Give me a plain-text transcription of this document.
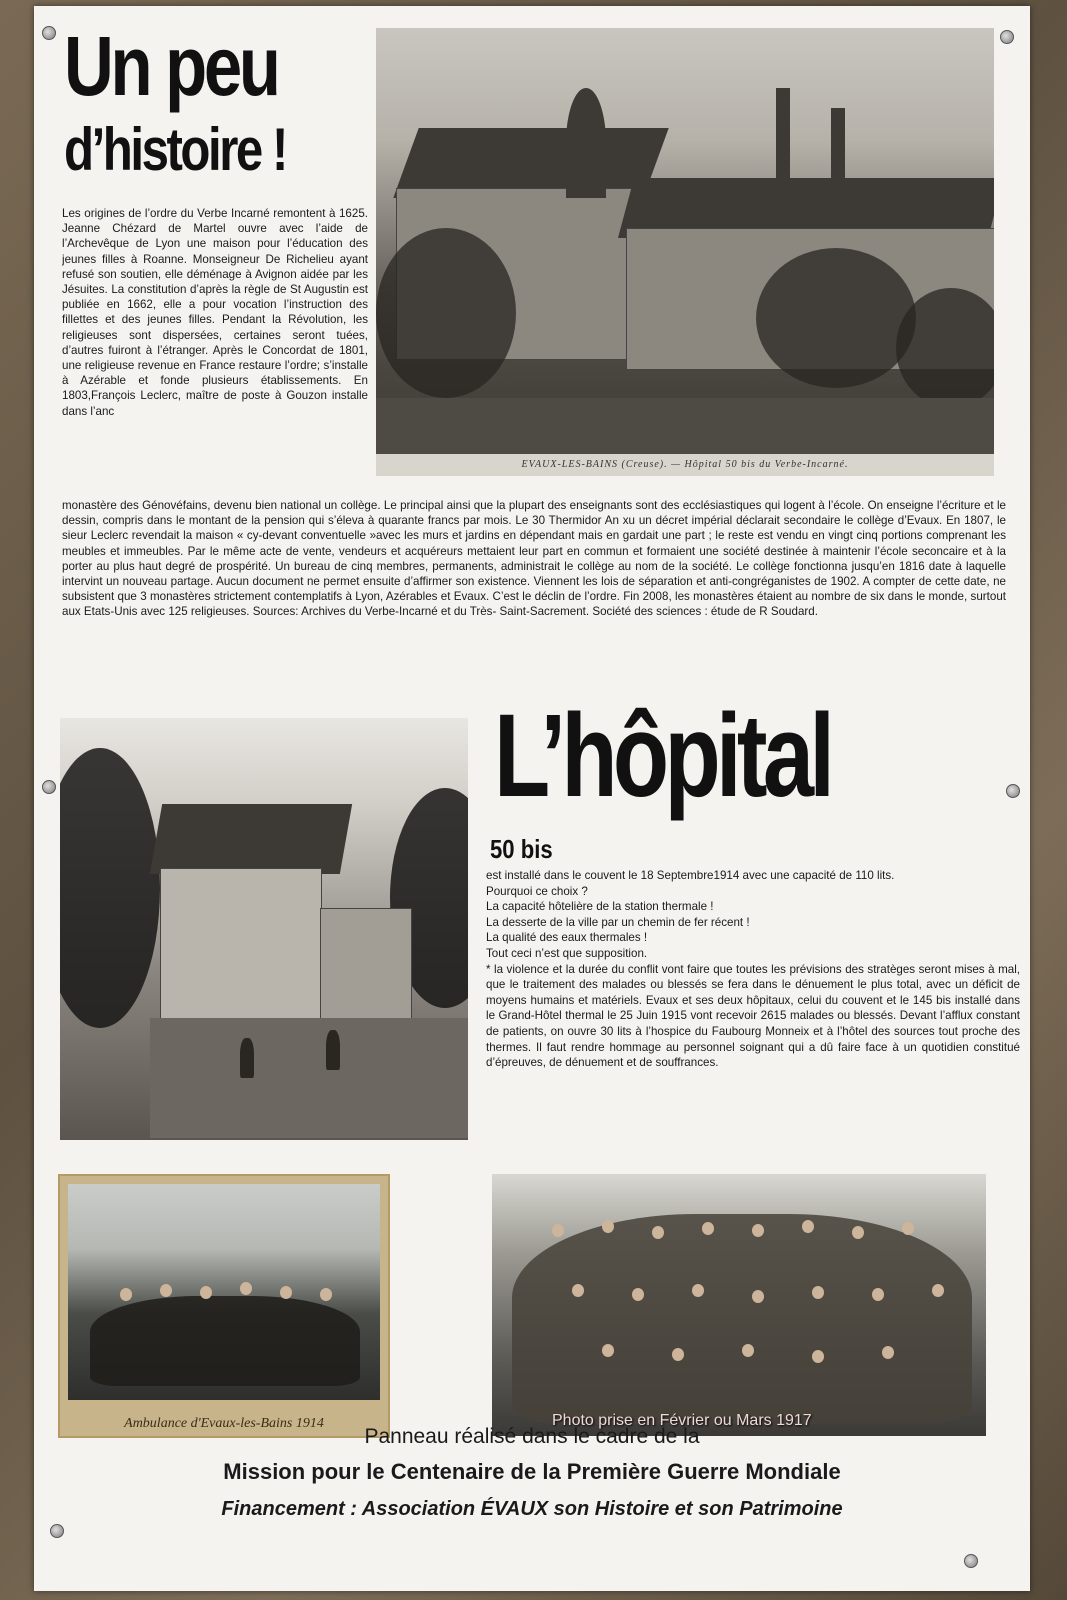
Un peu
d’histoire !
EVAUX-LES-BAINS (Creuse). — Hôpital 50 bis du Verbe-Incarné.

Les origines de l’ordre du Verbe Incarné remontent à 1625. Jeanne Chézard de Martel ouvre avec l’aide de l’Archevêque de Lyon une maison pour l’éducation des jeunes filles à Roanne. Monseigneur De Richelieu ayant refusé son soutien, elle déménage à Avignon aidée par les Jésuites. La constitution d’après la règle de St Augustin est publiée en 1662, elle a pour vocation l’instruction des fillettes et des jeunes filles. Pendant la Révolution, les religieuses sont dispersées, certaines seront tuées, d’autres fuiront à l’étranger. Après le Concordat de 1801, une religieuse revenue en France restaure l’ordre; s’installe à Azérable et fonde plusieurs établissements. En 1803,François Leclerc, maître de poste à Gouzon installe dans l’anc

monastère des Génovéfains, devenu bien national un collège. Le principal ainsi que la plupart des enseignants sont des ecclésiastiques qui logent à l’école. On enseigne l’écriture et le dessin, compris dans le montant de la pension qui s’éleva à quarante francs par mois. Le 30 Thermidor An xu un décret impérial déclarait secondaire le collège d’Evaux. En 1807, le sieur Leclerc revendait la maison « cy-devant conventuelle »avec les murs et jardins en dépendant mais en gardait une part ; le reste est vendu en vingt cinq portions comprenant les meubles et immeubles. Par le même acte de vente, vendeurs et acquéreurs mettaient leur part en commun et formaient une société destinée à maintenir l’école seconcaire et à la porter au plus haut degré de prospérité. Un bureau de cinq membres, permanents, administrait le collège au nom de la société. Le collège fonctionna jusqu’en 1816 date à laquelle intervint un nouveau partage. Aucun document ne permet ensuite d’affirmer son existence. Viennent les lois de séparation et anti-congréganistes de 1902. A compter de cette date, ne subsistent que 3 monastères strictement contemplatifs à Lyon, Azérables et Evaux. C’est le déclin de l’ordre. Fin 2008, les monastères étaient au nombre de six dans le monde, surtout aux Etats-Unis avec 125 religieuses. Sources: Archives du Verbe-Incarné et du Très- Saint-Sacrement. Société des sciences : étude de R Soudard.

L’hôpital
50 bis
est installé dans le couvent le 18 Septembre1914 avec une capacité de 110 lits.
Pourquoi ce choix ?
La capacité hôtelière de la station thermale !
La desserte de la ville par un chemin de fer récent !
La qualité des eaux thermales !
Tout ceci n’est que supposition.
* la violence et la durée du conflit vont faire que toutes les prévisions des stratèges seront mises à mal, que le traitement des malades ou blessés se fera dans le dénuement le plus total, avec un déficit de moyens humains et matériels. Evaux et ses deux hôpitaux, celui du couvent et le 145 bis installé dans le Grand-Hôtel thermal le 25 Juin 1915 vont recevoir 2615 malades ou blessés. Devant l’afflux constant de patients, on ouvre 30 lits à l’hospice du Faubourg Monneix et à l’hôtel des sources tout proche des thermes. Il faut rendre hommage au personnel soignant qui a dû faire face à un quotidien constitué d’épreuves, de dénuement et de souffrances.
Ambulance d'Evaux-les-Bains 1914	Photo prise en Février ou Mars 1917
Panneau réalisé dans le cadre de la
Mission pour le Centenaire de la Première Guerre Mondiale
Financement : Association ÉVAUX son Histoire et son Patrimoine
